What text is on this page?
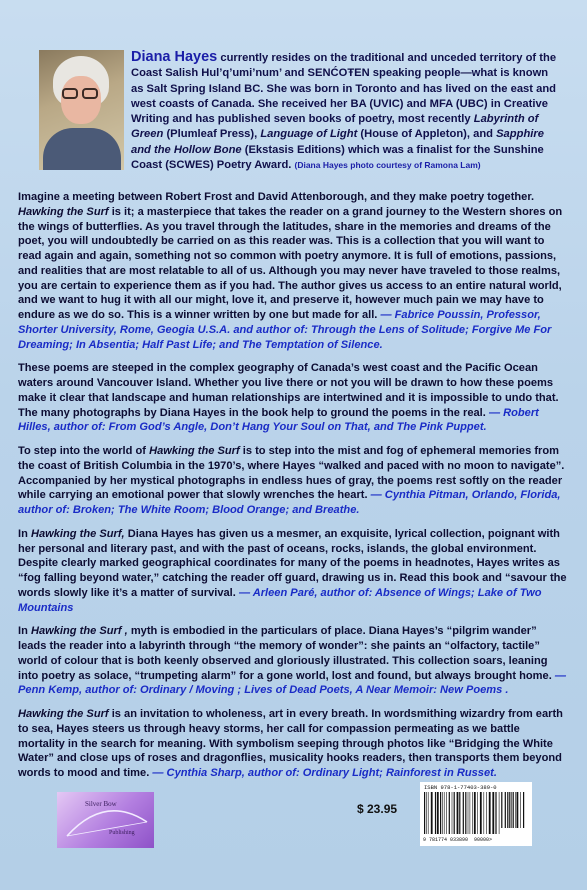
Diana Hayes currently resides on the traditional and unceded territory of the Coast Salish Hul’q’umi’num’ and SENĆOŦEN speaking people—what is known as Salt Spring Island BC. She was born in Toronto and has lived on the east and west coasts of Canada. She received her BA (UVIC) and MFA (UBC) in Creative Writing and has published seven books of poetry, most recently Labyrinth of Green (Plumleaf Press), Language of Light (House of Appleton), and Sapphire and the Hollow Bone (Ekstasis Editions) which was a finalist for the Sunshine Coast (SCWES) Poetry Award. (Diana Hayes photo courtesy of Ramona Lam)

Imagine a meeting between Robert Frost and David Attenborough, and they make poetry together. Hawking the Surf is it; a masterpiece that takes the reader on a grand journey to the Western shores on the wings of butterflies. As you travel through the latitudes, share in the memories and dreams of the poet, you will undoubtedly be carried on as this reader was. This is a collection that you will want to read again and again, something not so common with poetry anymore. It is full of emotions, passions, and realities that are most relatable to all of us. Although you may never have traveled to those realms, you are certain to experience them as if you had. The author gives us access to an entire natural world, and we want to hug it with all our might, love it, and preserve it, however much pain we may have to endure as we do so. This is a winner written by one but made for all. — Fabrice Poussin, Professor, Shorter University, Rome, Geogia U.S.A. and author of: Through the Lens of Solitude; Forgive Me For Dreaming; In Absentia; Half Past Life; and The Temptation of Silence.

These poems are steeped in the complex geography of Canada’s west coast and the Pacific Ocean waters around Vancouver Island. Whether you live there or not you will be drawn to how these poems make it clear that landscape and human relationships are intertwined and it is impossible to undo that. The many photographs by Diana Hayes in the book help to ground the poems in the real. — Robert Hilles, author of: From God’s Angle, Don’t Hang Your Soul on That, and The Pink Puppet.

To step into the world of Hawking the Surf is to step into the mist and fog of ephemeral memories from the coast of British Columbia in the 1970’s, where Hayes “walked and paced with no moon to navigate”. Accompanied by her mystical photographs in endless hues of gray, the poems rest softly on the reader while carrying an emotional power that slowly wrenches the heart. — Cynthia Pitman, Orlando, Florida, author of: Broken; The White Room; Blood Orange; and Breathe.

In Hawking the Surf, Diana Hayes has given us a mesmer, an exquisite, lyrical collection, poignant with her personal and literary past, and with the past of oceans, rocks, islands, the global environment. Despite clearly marked geographical coordinates for many of the poems in headnotes, Hayes writes as “fog falling beyond water,” catching the reader off guard, drawing us in. Read this book and “savour the words slowly like it’s a matter of survival. — Arleen Paré, author of: Absence of Wings; Lake of Two Mountains

In Hawking the Surf , myth is embodied in the particulars of place. Diana Hayes’s “pilgrim wander” leads the reader into a labyrinth through “the memory of wonder”: she paints an “olfactory, tactile” world of colour that is both keenly observed and gloriously illustrated. This collection soars, leaning into poetry as solace, “trumpeting alarm” for a gone world, lost and found, but always brought home. — Penn Kemp, author of: Ordinary / Moving ; Lives of Dead Poets, A Near Memoir: New Poems .

Hawking the Surf is an invitation to wholeness, art in every breath. In wordsmithing wizardry from earth to sea, Hayes steers us through heavy storms, her call for compassion permeating as we battle mortality in the search for meaning. With symbolism seeping through photos like “Bridging the White Water” and close ups of roses and dragonflies, musicality hooks readers, then transports them beyond words to mood and time. — Cynthia Sharp, author of: Ordinary Light; Rainforest in Russet.

Silver Bow
Publishing
$ 23.95
ISBN 978-1-77403-389-0
9 781774 033890 90000>
